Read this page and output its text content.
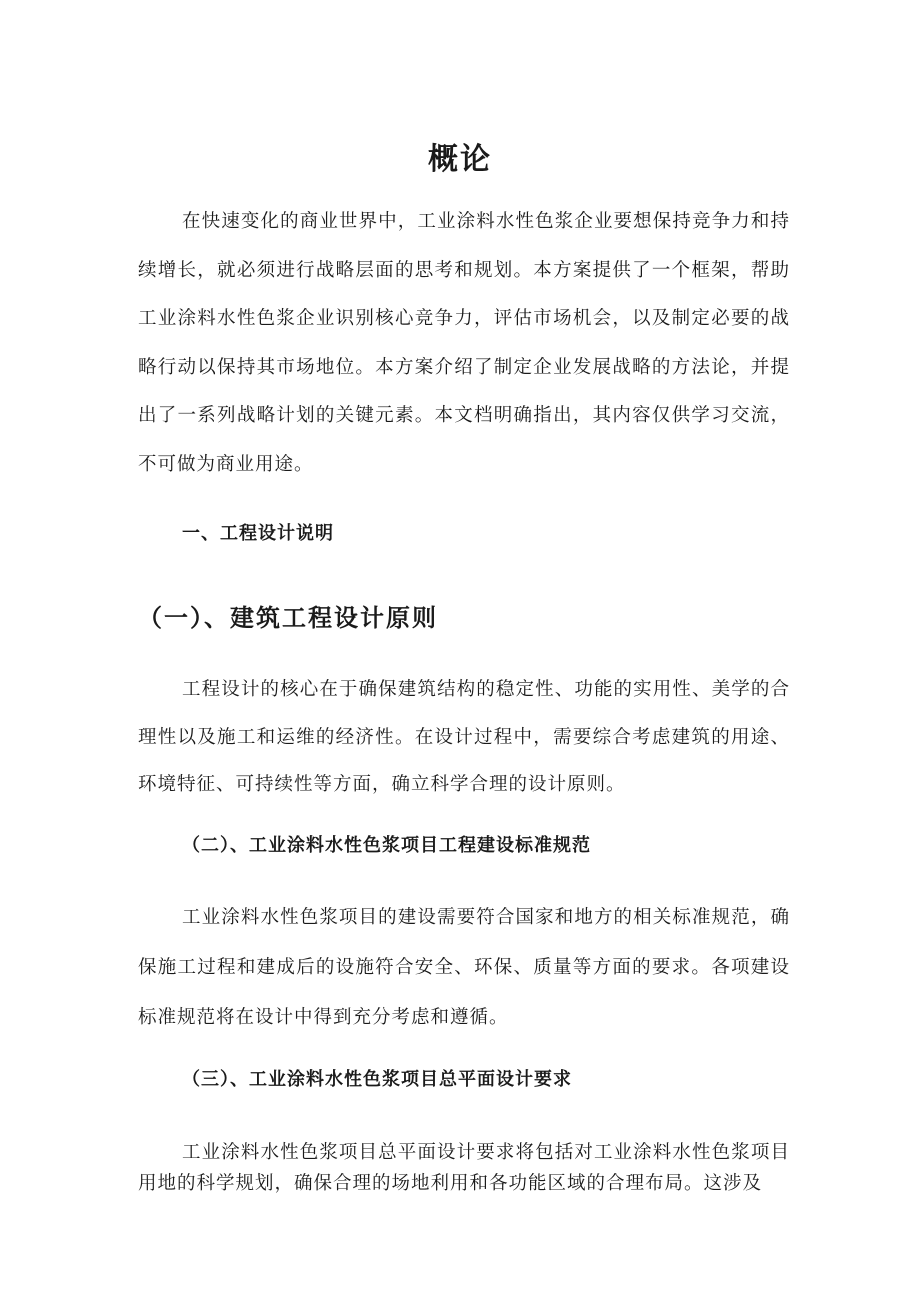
概论

在快速变化的商业世界中，工业涂料水性色浆企业要想保持竞争力和持续增长，就必须进行战略层面的思考和规划。本方案提供了一个框架，帮助工业涂料水性色浆企业识别核心竞争力，评估市场机会，以及制定必要的战略行动以保持其市场地位。本方案介绍了制定企业发展战略的方法论，并提出了一系列战略计划的关键元素。本文档明确指出，其内容仅供学习交流，不可做为商业用途。

一、工程设计说明
（一）、建筑工程设计原则

工程设计的核心在于确保建筑结构的稳定性、功能的实用性、美学的合理性以及施工和运维的经济性。在设计过程中，需要综合考虑建筑的用途、环境特征、可持续性等方面，确立科学合理的设计原则。

（二）、工业涂料水性色浆项目工程建设标准规范

工业涂料水性色浆项目的建设需要符合国家和地方的相关标准规范，确保施工过程和建成后的设施符合安全、环保、质量等方面的要求。各项建设标准规范将在设计中得到充分考虑和遵循。

（三）、工业涂料水性色浆项目总平面设计要求

工业涂料水性色浆项目总平面设计要求将包括对工业涂料水性色浆项目用地的科学规划，确保合理的场地利用和各功能区域的合理布局。这涉及
